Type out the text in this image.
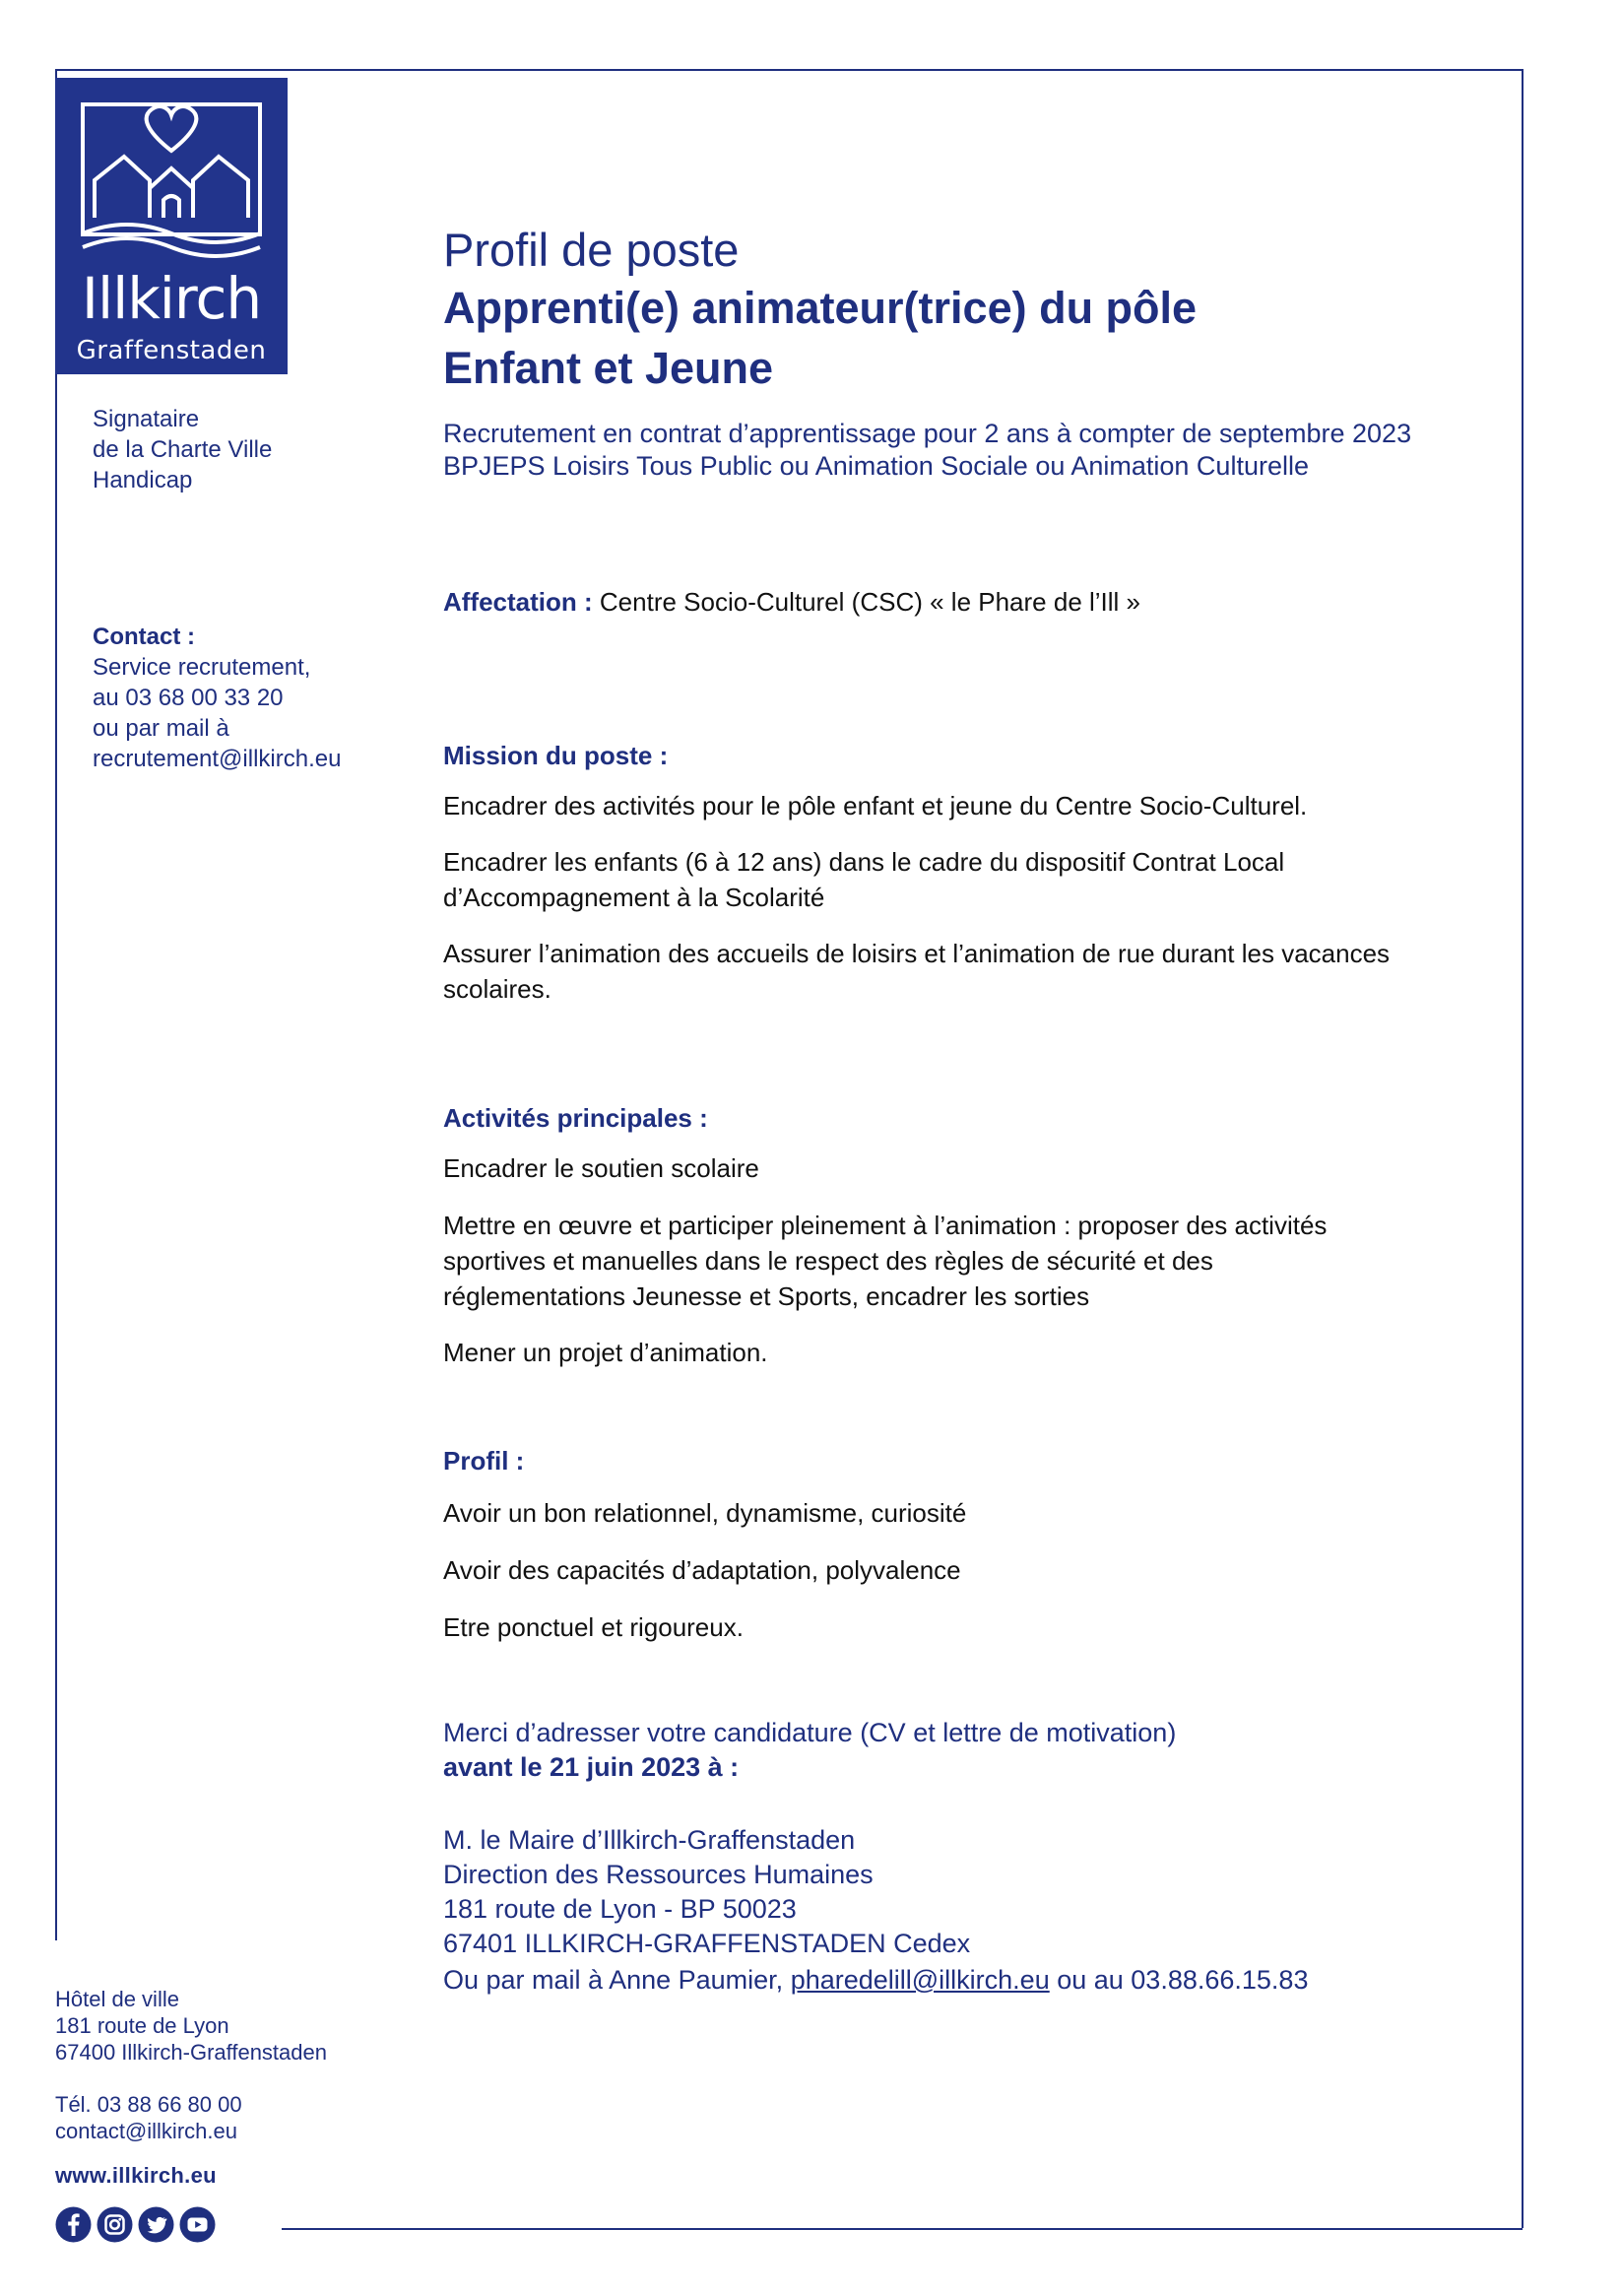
Illkirch
Graffenstaden
Signataire
de la Charte Ville
Handicap
Contact :
Service recrutement,
au 03 68 00 33 20
ou par mail à
recrutement@illkirch.eu
Hôtel de ville
181 route de Lyon
67400 Illkirch-Graffenstaden
Tél. 03 88 66 80 00
contact@illkirch.eu
www.illkirch.eu
Profil de poste
Apprenti(e) animateur(trice) du pôle
Enfant et Jeune
Recrutement en contrat d’apprentissage pour 2 ans à compter de septembre 2023
BPJEPS Loisirs Tous Public ou Animation Sociale ou Animation Culturelle
Affectation : Centre Socio-Culturel (CSC) « le Phare de l’Ill »
Mission du poste :
Encadrer des activités pour le pôle enfant et jeune du Centre Socio-Culturel.
Encadrer les enfants (6 à 12 ans) dans le cadre du dispositif Contrat Local
d’Accompagnement à la Scolarité
Assurer l’animation des accueils de loisirs et l’animation de rue durant les vacances
scolaires.
Activités principales :
Encadrer le soutien scolaire
Mettre en œuvre et participer pleinement à l’animation : proposer des activités
sportives et manuelles dans le respect des règles de sécurité et des
réglementations Jeunesse et Sports, encadrer les sorties
Mener un projet d’animation.
Profil :
Avoir un bon relationnel, dynamisme, curiosité
Avoir des capacités d’adaptation, polyvalence
Etre ponctuel et rigoureux.
Merci d’adresser votre candidature (CV et lettre de motivation)
avant le 21 juin 2023 à :
M. le Maire d’Illkirch-Graffenstaden
Direction des Ressources Humaines
181 route de Lyon - BP 50023
67401 ILLKIRCH-GRAFFENSTADEN Cedex
Ou par mail à Anne Paumier, pharedelill@illkirch.eu ou au 03.88.66.15.83
